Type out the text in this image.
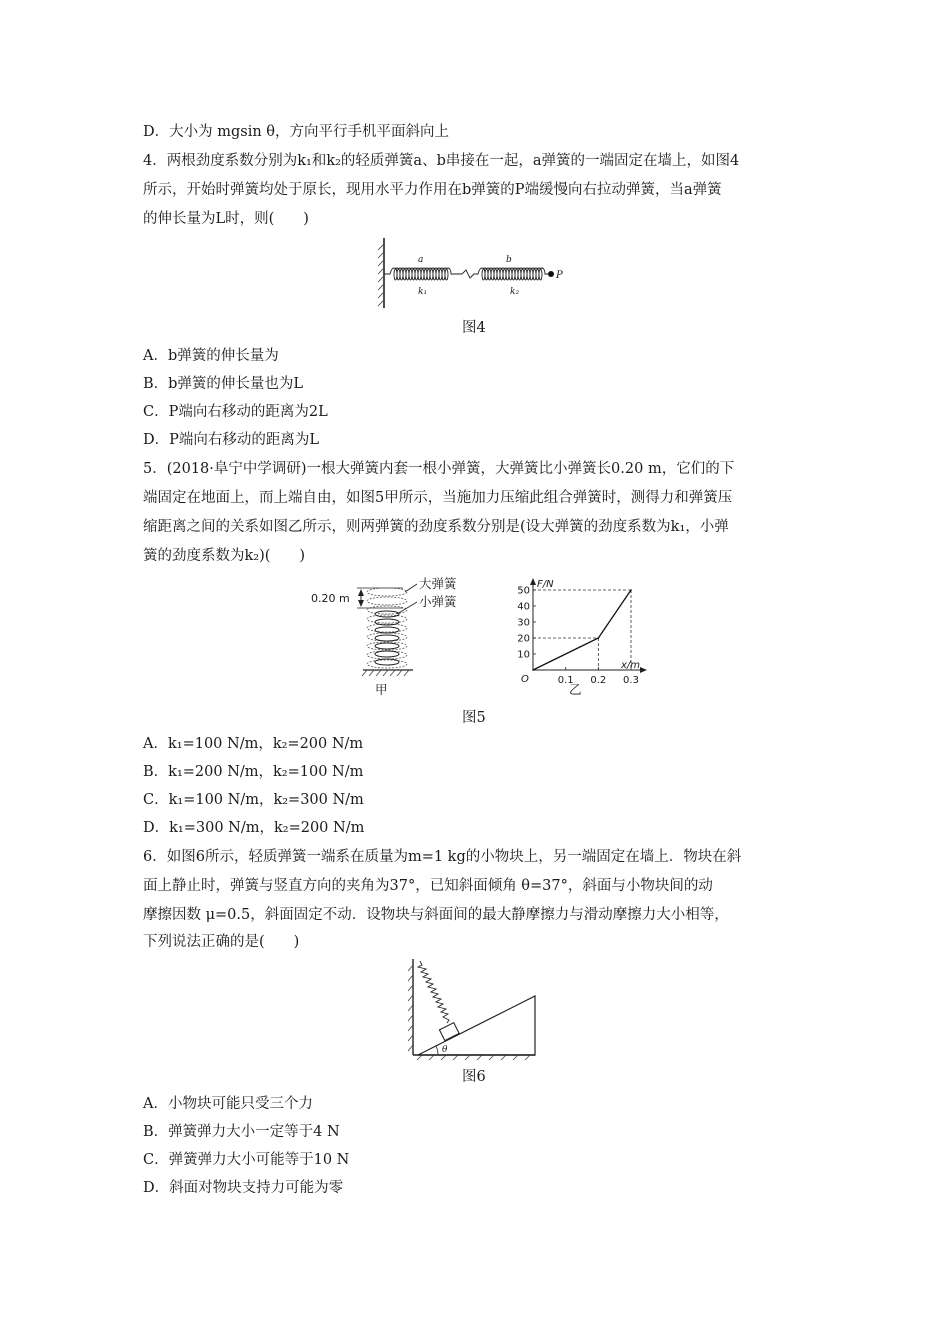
D．大小为 mgsin θ，方向平行手机平面斜向上
4．两根劲度系数分别为k₁和k₂的轻质弹簧a、b串接在一起，a弹簧的一端固定在墙上，如图4
所示，开始时弹簧均处于原长，现用水平力作用在b弹簧的P端缓慢向右拉动弹簧，当a弹簧
的伸长量为L时，则(　　)
a	b
k₁	k₂
P
图4
A．b弹簧的伸长量为
B．b弹簧的伸长量也为L
C．P端向右移动的距离为2L
D．P端向右移动的距离为L
5．(2018·阜宁中学调研)一根大弹簧内套一根小弹簧，大弹簧比小弹簧长0.20 m，它们的下
端固定在地面上，而上端自由，如图5甲所示，当施加力压缩此组合弹簧时，测得力和弹簧压
缩距离之间的关系如图乙所示，则两弹簧的劲度系数分别是(设大弹簧的劲度系数为k₁，小弹
簧的劲度系数为k₂)(　　)
0.20 m
大弹簧
小弹簧
甲
F/N
x/m
O
10
20
30
40
50
0.1 0.2 0.3
乙
图5
A．k₁=100 N/m，k₂=200 N/m
B．k₁=200 N/m，k₂=100 N/m
C．k₁=100 N/m，k₂=300 N/m
D．k₁=300 N/m，k₂=200 N/m
6．如图6所示，轻质弹簧一端系在质量为m=1 kg的小物块上，另一端固定在墙上．物块在斜
面上静止时，弹簧与竖直方向的夹角为37°，已知斜面倾角 θ=37°，斜面与小物块间的动
摩擦因数 μ=0.5，斜面固定不动．设物块与斜面间的最大静摩擦力与滑动摩擦力大小相等，
下列说法正确的是(　　)
θ
图6
A．小物块可能只受三个力
B．弹簧弹力大小一定等于4 N
C．弹簧弹力大小可能等于10 N
D．斜面对物块支持力可能为零
